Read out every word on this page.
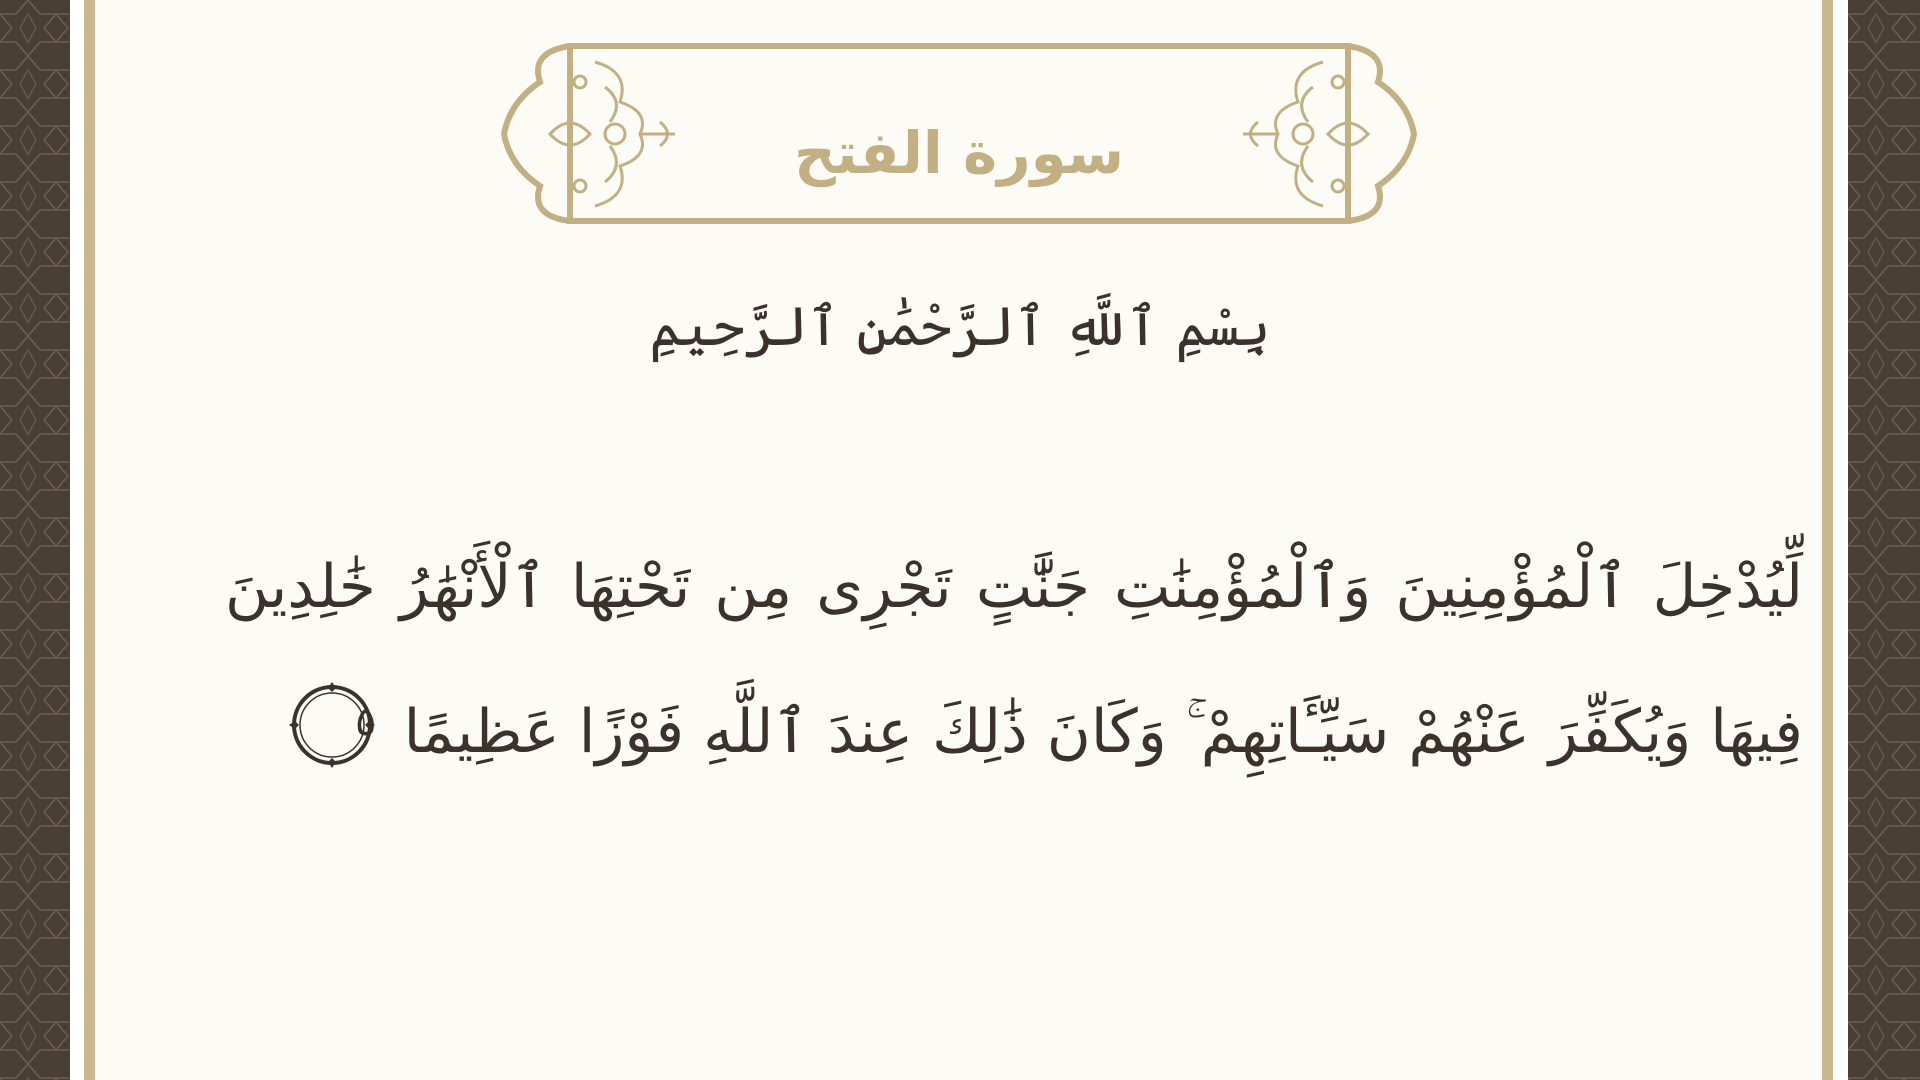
سورة الفتح
بِسْمِ ٱللَّهِ ٱلرَّحْمَٰنِ ٱلرَّحِيمِ
لِّيُدْخِلَ ٱلْمُؤْمِنِينَ وَٱلْمُؤْمِنَٰتِ جَنَّٰتٍ تَجْرِى مِن تَحْتِهَا ٱلْأَنْهَٰرُ خَٰلِدِينَ فِيهَا وَيُكَفِّرَ عَنْهُمْ سَيِّـَٔاتِهِمْ ۚ وَكَانَ ذَٰلِكَ عِندَ ٱللَّهِ فَوْزًا عَظِيمًا
٥
